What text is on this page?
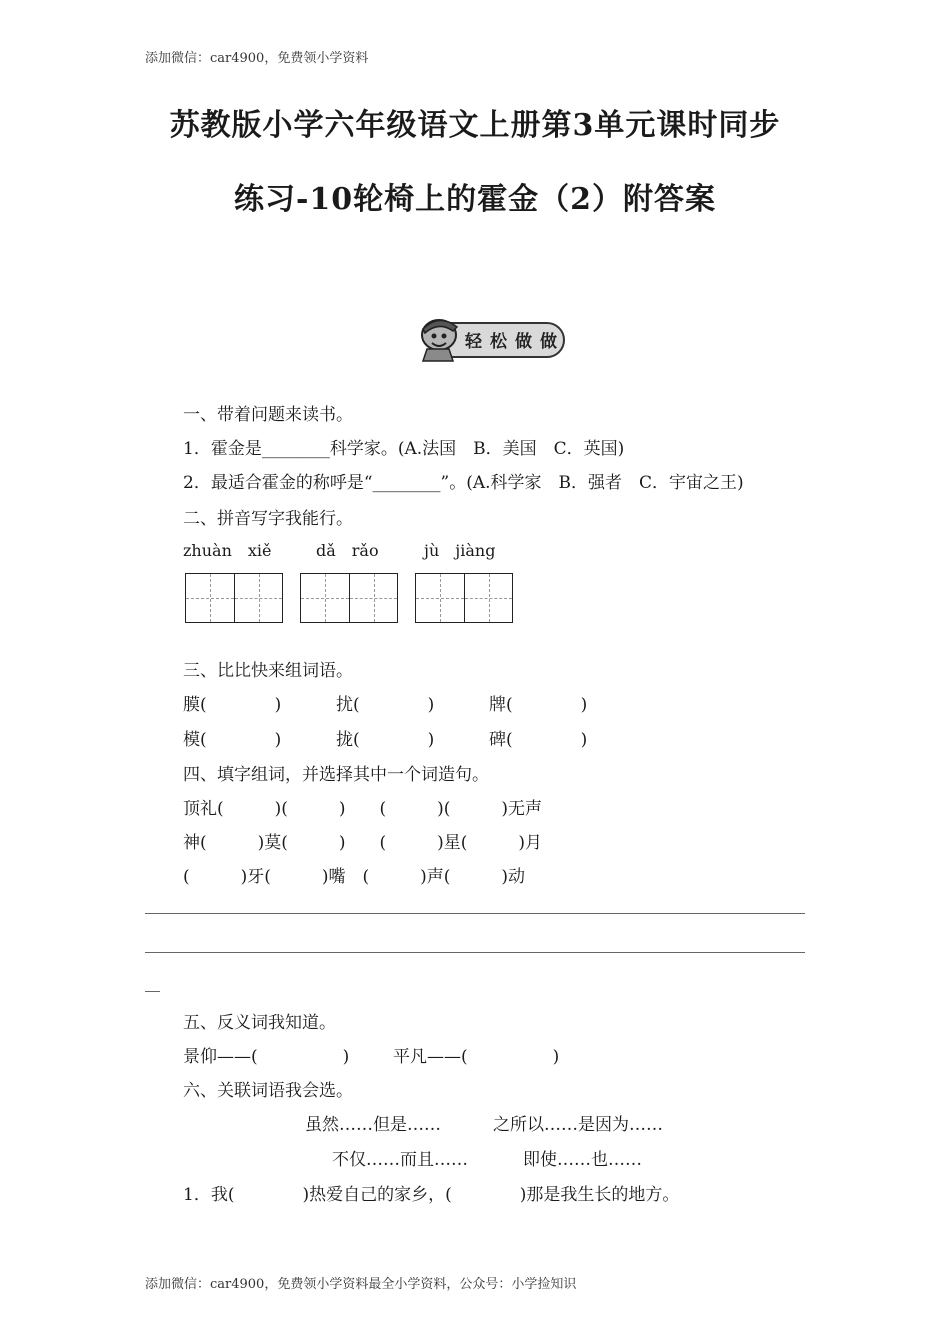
添加微信：car4900，免费领小学资料
苏教版小学六年级语文上册第3单元课时同步
练习-10轮椅上的霍金（2）附答案
轻 松 做 做
一、带着问题来读书。
1．霍金是________科学家。(A.法国　B．美国　C．英国)
2．最适合霍金的称呼是“________”。(A.科学家　B．强者　C．宇宙之王)
二、拼音写字我能行。
zhuàn　xiě	dǎ　rǎo	jù　jiàng
三、比比快来组词语。
膜(　　　　)	扰(　　　　)	牌(　　　　)
模(　　　　)	拢(　　　　)	碑(　　　　)
四、填字组词，并选择其中一个词造句。
顶礼(　　　)(　　　)　　(　　　)(　　　)无声
神(　　　)莫(　　　)　　(　　　)星(　　　)月
(　　　)牙(　　　)嘴　(　　　)声(　　　)动
五、反义词我知道。
景仰——(　　　　　)	平凡——(　　　　　)
六、关联词语我会选。
虽然……但是……	之所以……是因为……
不仅……而且……	即使……也……
1．我(　　　　)热爱自己的家乡，(　　　　)那是我生长的地方。
添加微信：car4900，免费领小学资料最全小学资料，公众号：小学捡知识
